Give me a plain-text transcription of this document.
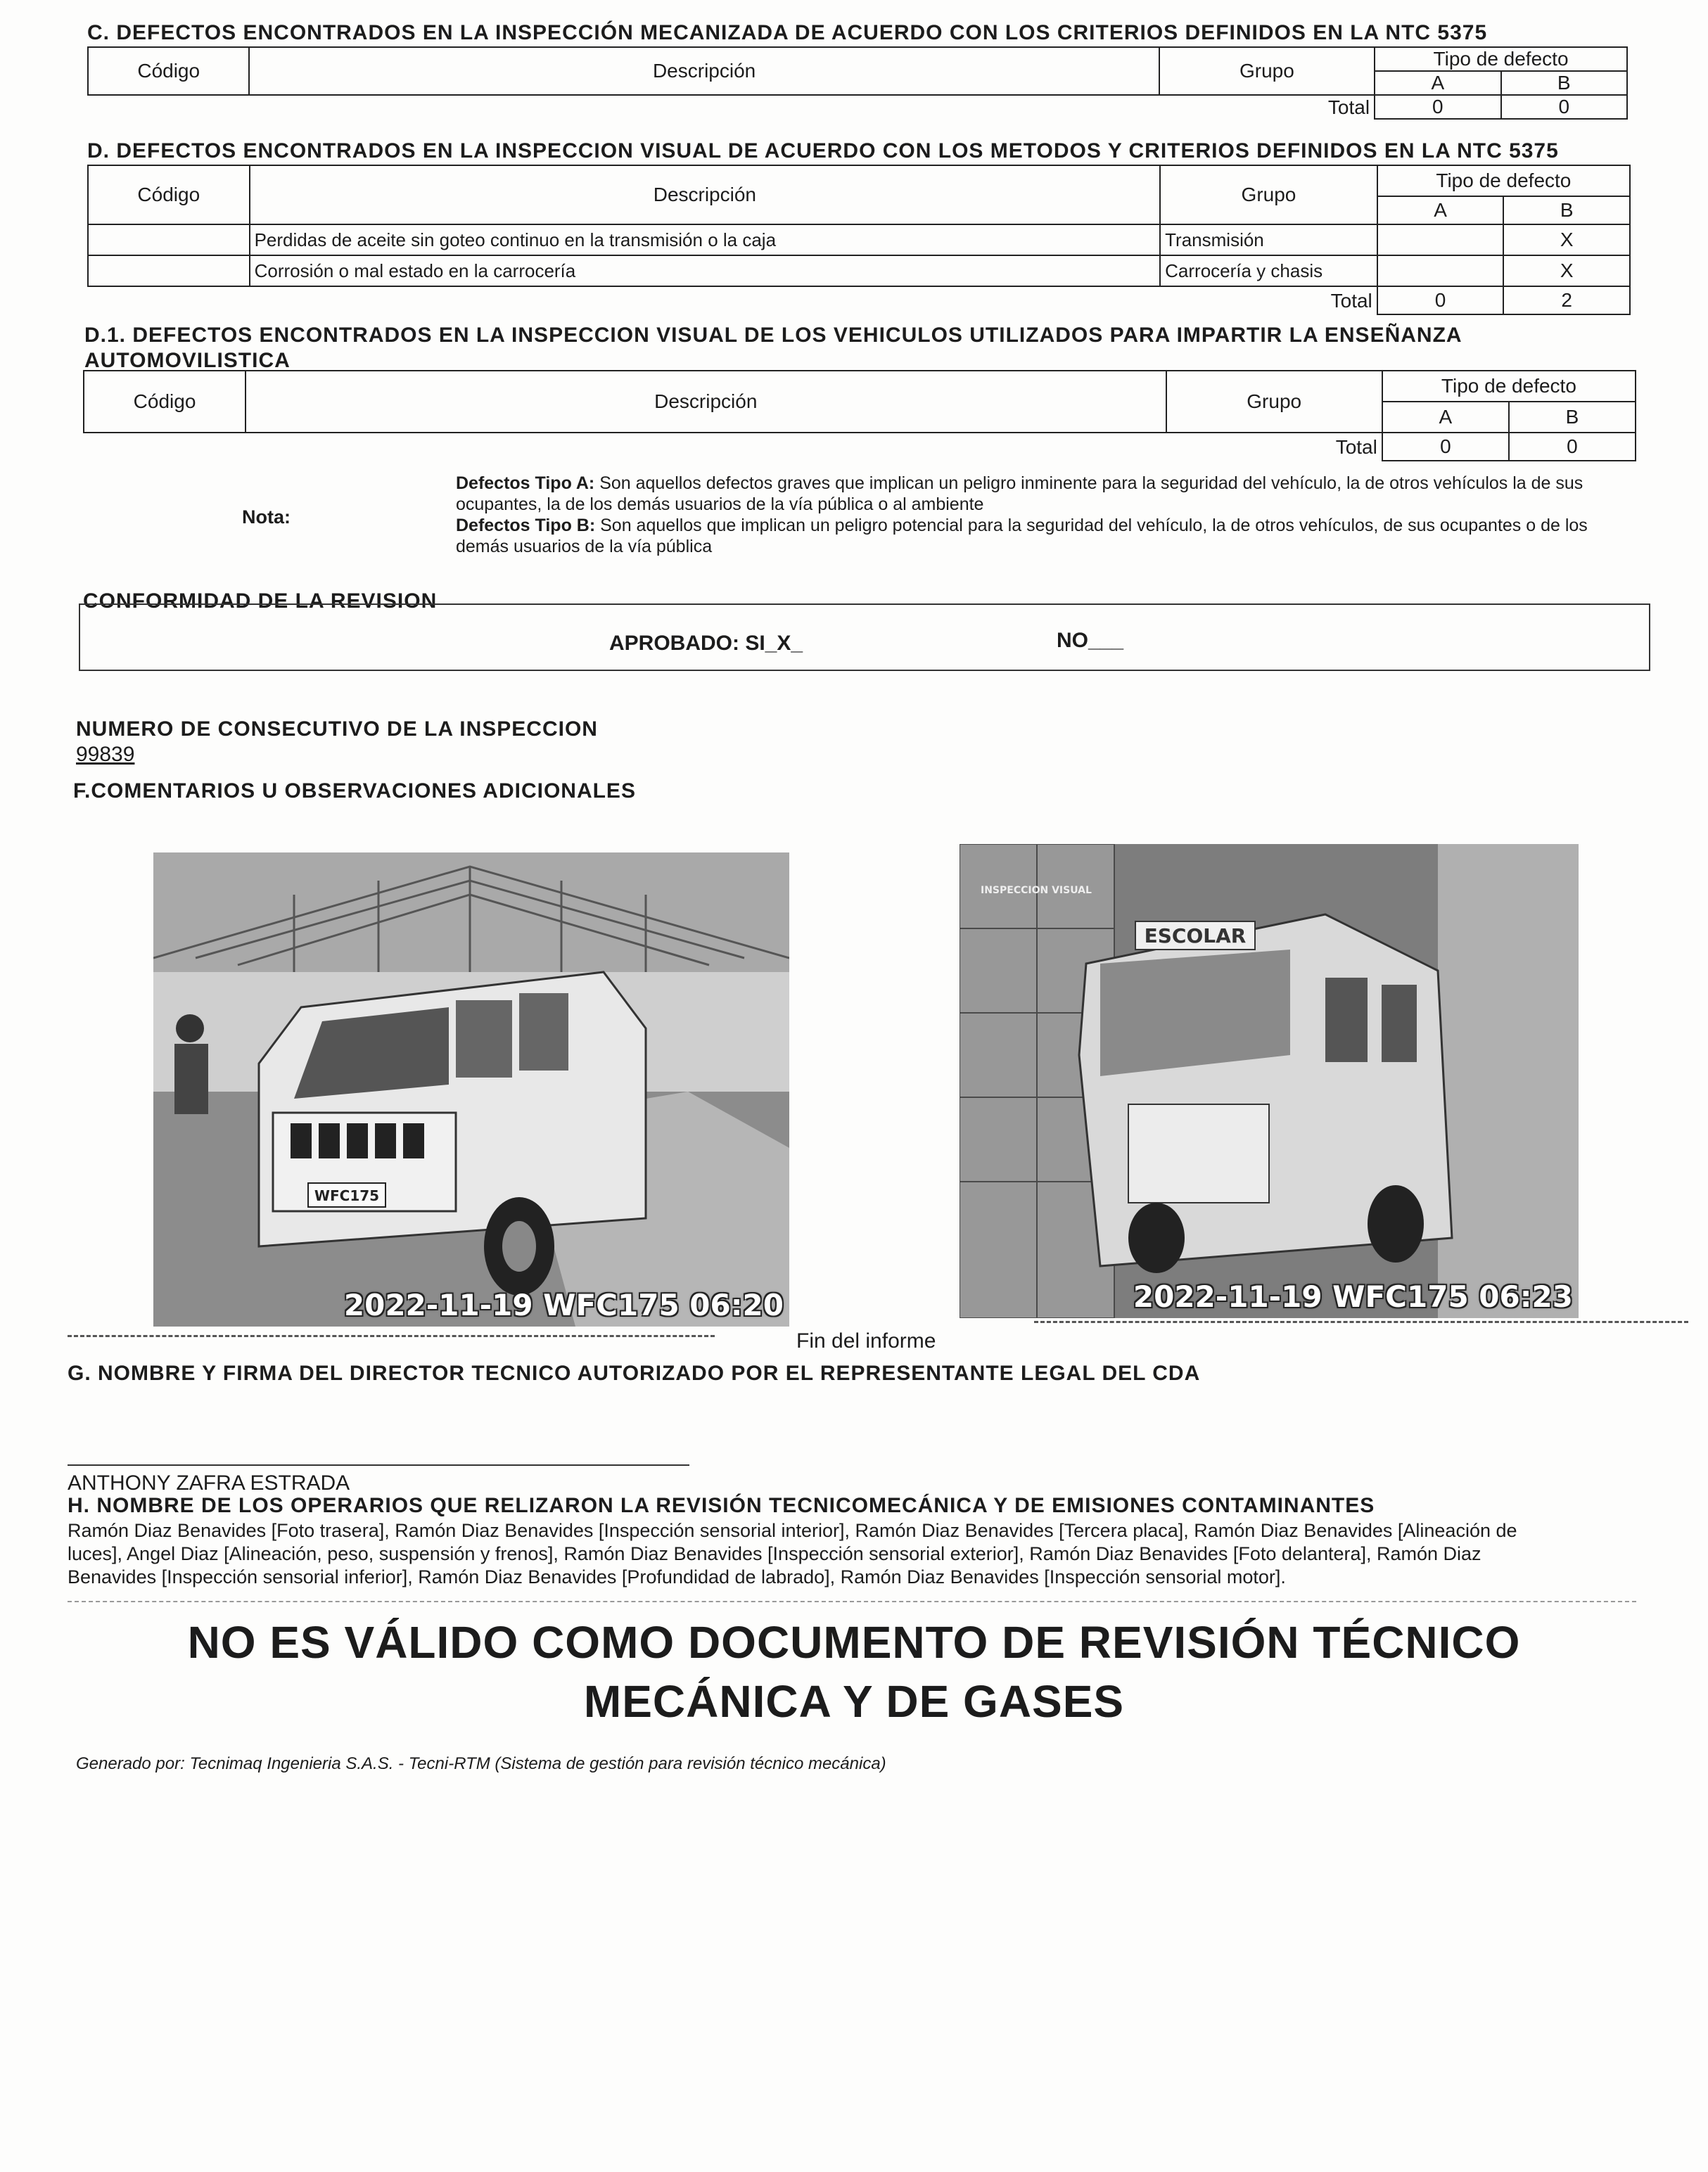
C. DEFECTOS ENCONTRADOS EN LA INSPECCIÓN MECANIZADA DE ACUERDO CON LOS CRITERIOS DEFINIDOS EN LA NTC 5375
Código	Descripción	Grupo	Tipo de defecto	
			A	B
Total			0	0
D. DEFECTOS ENCONTRADOS EN LA INSPECCION VISUAL DE ACUERDO CON LOS METODOS Y CRITERIOS DEFINIDOS EN LA NTC 5375
Código	Descripción	Grupo	Tipo de defecto	
			A	B
	Perdidas de aceite sin goteo continuo en la transmisión o la caja	Transmisión		X
	Corrosión o mal estado en la carrocería	Carrocería y chasis		X
Total			0	2
D.1. DEFECTOS ENCONTRADOS EN LA INSPECCION VISUAL DE LOS VEHICULOS UTILIZADOS PARA IMPARTIR LA ENSEÑANZA
AUTOMOVILISTICA
Código	Descripción	Grupo	Tipo de defecto	
			A	B
Total			0	0
Nota:
Defectos Tipo A: Son aquellos defectos graves que implican un peligro inminente para la seguridad del vehículo, la de otros vehículos la de sus ocupantes, la de los demás usuarios de la vía pública o al ambiente
Defectos Tipo B: Son aquellos que implican un peligro potencial para la seguridad del vehículo, la de otros vehículos, de sus ocupantes o de los demás usuarios de la vía pública
CONFORMIDAD DE LA REVISION
APROBADO: SI_X_	NO___
NUMERO DE CONSECUTIVO DE LA INSPECCION
99839
F.COMENTARIOS U OBSERVACIONES ADICIONALES
WFC175
2022-11-19 WFC175 06:20
INSPECCION VISUAL
ESCOLAR
2022-11-19 WFC175 06:23
Fin del informe
G. NOMBRE Y FIRMA DEL DIRECTOR TECNICO AUTORIZADO POR EL REPRESENTANTE LEGAL DEL CDA
ANTHONY ZAFRA ESTRADA
H. NOMBRE DE LOS OPERARIOS QUE RELIZARON LA REVISIÓN TECNICOMECÁNICA Y DE EMISIONES CONTAMINANTES
Ramón Diaz Benavides [Foto trasera], Ramón Diaz Benavides [Inspección sensorial interior], Ramón Diaz Benavides [Tercera placa], Ramón Diaz Benavides [Alineación de
luces], Angel Diaz [Alineación, peso, suspensión y frenos], Ramón Diaz Benavides [Inspección sensorial exterior], Ramón Diaz Benavides [Foto delantera], Ramón Diaz
Benavides [Inspección sensorial inferior], Ramón Diaz Benavides [Profundidad de labrado], Ramón Diaz Benavides [Inspección sensorial motor].
NO ES VÁLIDO COMO DOCUMENTO DE REVISIÓN TÉCNICO
MECÁNICA Y DE GASES
Generado por: Tecnimaq Ingenieria S.A.S. - Tecni-RTM (Sistema de gestión para revisión técnico mecánica)
